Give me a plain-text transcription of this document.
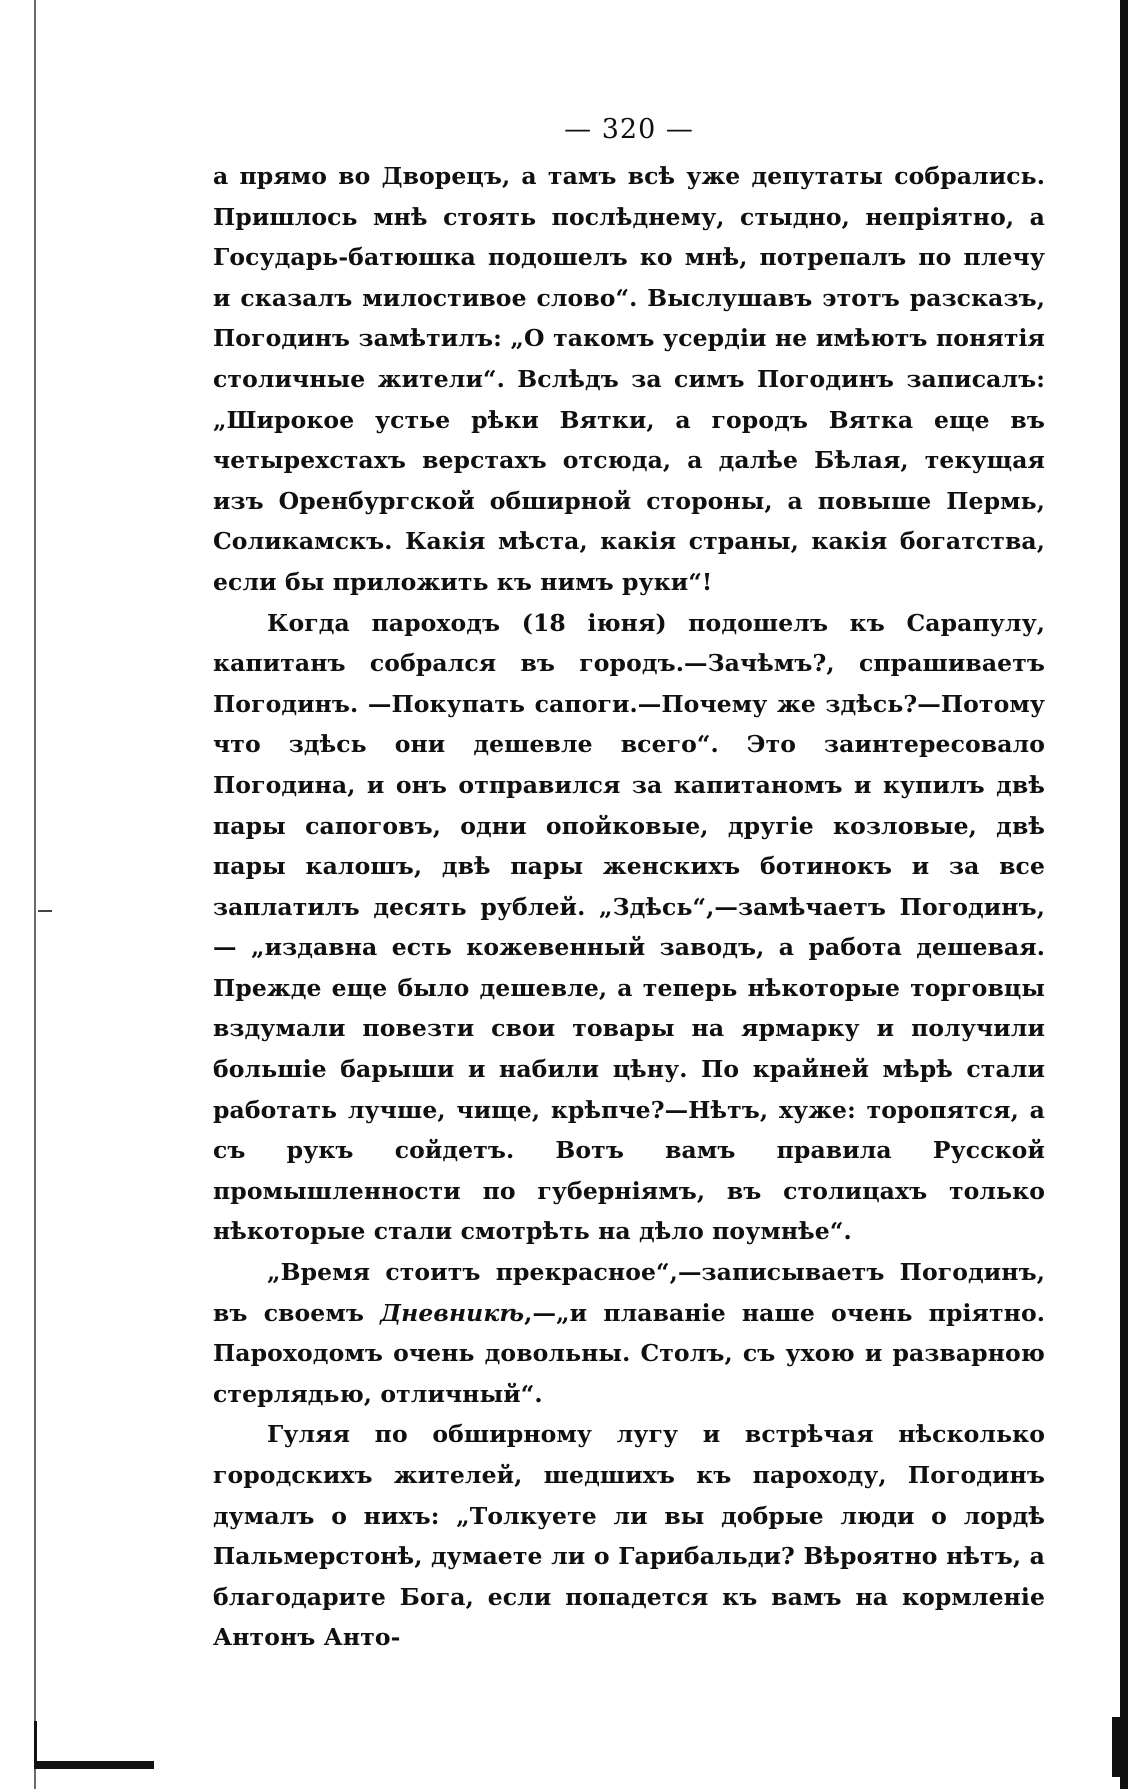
— 320 —

а прямо во Дворецъ, а тамъ всѣ уже депутаты собрались. Пришлось мнѣ стоять послѣднему, стыдно, непріятно, а Государь-батюшка подошелъ ко мнѣ, потрепалъ по плечу и сказалъ милостивое слово“. Выслушавъ этотъ разсказъ, Погодинъ замѣтилъ: „О такомъ усердіи не имѣютъ понятія столичные жители“. Вслѣдъ за симъ Погодинъ записалъ: „Широкое устье рѣки Вятки, а городъ Вятка еще въ четырехстахъ верстахъ отсюда, а далѣе Бѣлая, текущая изъ Оренбургской обширной стороны, а повыше Пермь, Соликамскъ. Какія мѣста, какія страны, какія богатства, если бы приложить къ нимъ руки“!

Когда пароходъ (18 іюня) подошелъ къ Сарапулу, капитанъ собрался въ городъ.—Зачѣмъ?, спрашиваетъ Погодинъ. —Покупать сапоги.—Почему же здѣсь?—Потому что здѣсь они дешевле всего“. Это заинтересовало Погодина, и онъ отправился за капитаномъ и купилъ двѣ пары сапоговъ, одни опойковые, другіе козловые, двѣ пары калошъ, двѣ пары женскихъ ботинокъ и за все заплатилъ десять рублей. „Здѣсь“,—замѣчаетъ Погодинъ,— „издавна есть кожевенный заводъ, а работа дешевая. Прежде еще было дешевле, а теперь нѣкоторые торговцы вздумали повезти свои товары на ярмарку и получили большіе барыши и набили цѣну. По крайней мѣрѣ стали работать лучше, чище, крѣпче?—Нѣтъ, хуже: торопятся, а съ рукъ сойдетъ. Вотъ вамъ правила Русской промышленности по губерніямъ, въ столицахъ только нѣкоторые стали смотрѣть на дѣло поумнѣе“.

„Время стоитъ прекрасное“,—записываетъ Погодинъ, въ своемъ Дневникѣ,—„и плаваніе наше очень пріятно. Пароходомъ очень довольны. Столъ, съ ухою и разварною стерлядью, отличный“.

Гуляя по обширному лугу и встрѣчая нѣсколько городскихъ жителей, шедшихъ къ пароходу, Погодинъ думалъ о нихъ: „Толкуете ли вы добрые люди о лордѣ Пальмерстонѣ, думаете ли о Гарибальди? Вѣроятно нѣтъ, а благодарите Бога, если попадется къ вамъ на кормленіе Антонъ Анто-
